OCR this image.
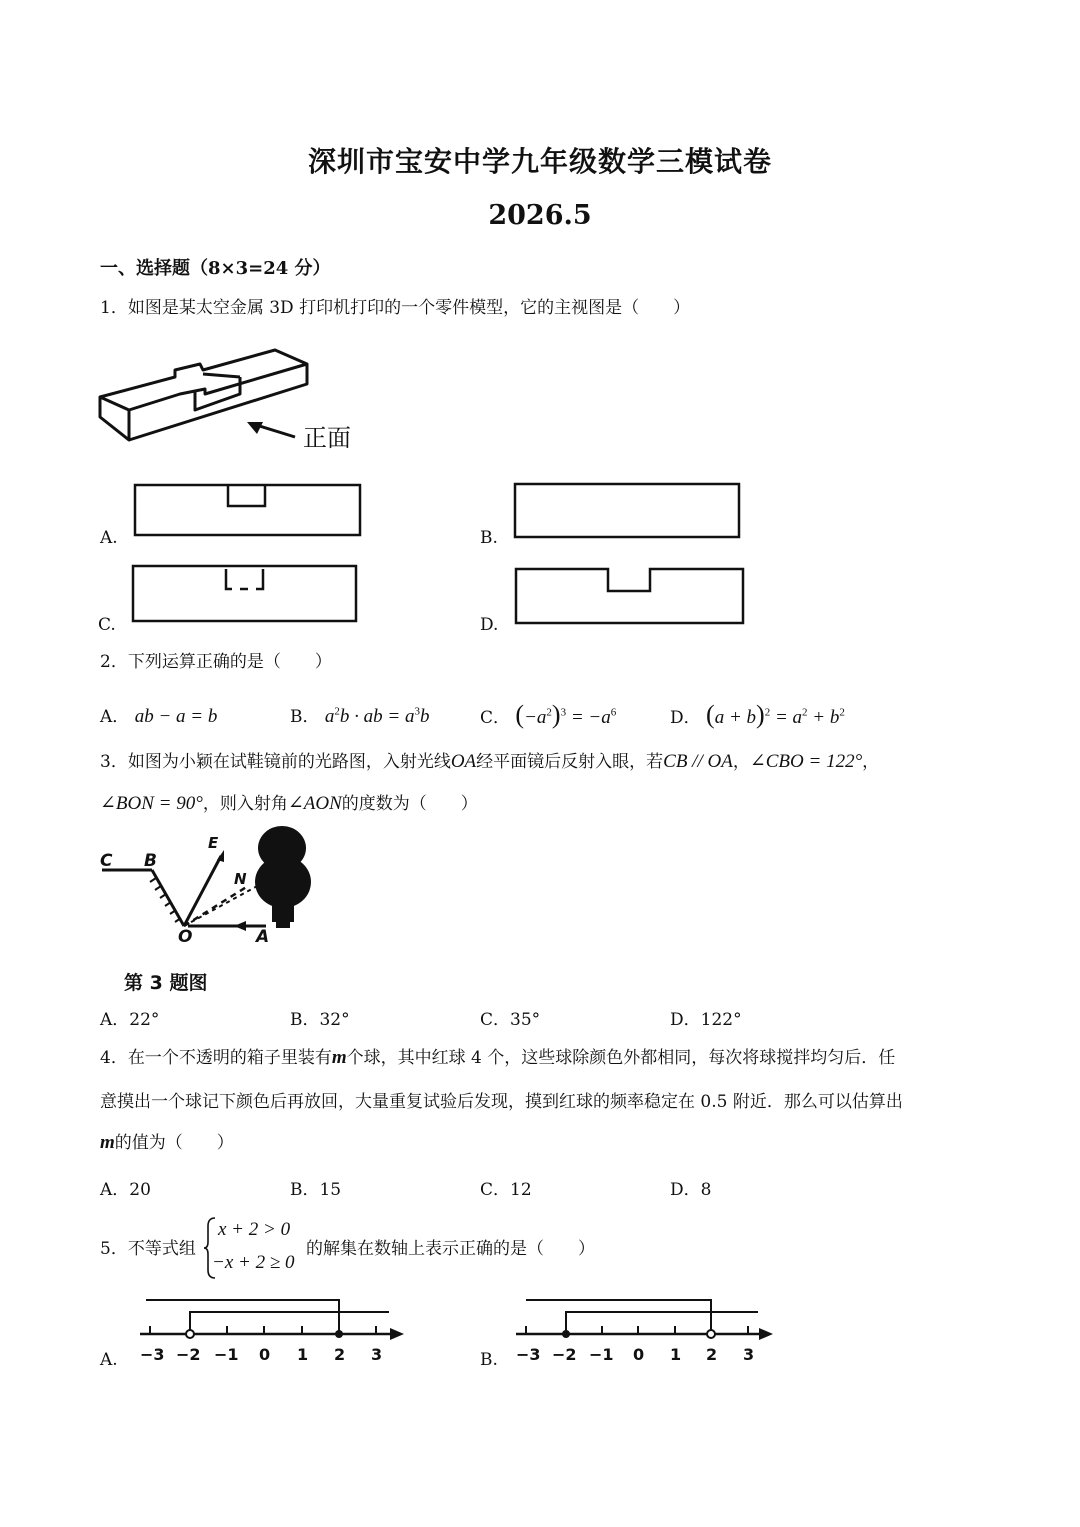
深圳市宝安中学九年级数学三模试卷
2026.5
一、选择题（8×3=24 分）
1．如图是某太空金属 3D 打印机打印的一个零件模型，它的主视图是（　　）
正面
A.	B.
C.	D.
2．下列运算正确的是（　　）
A． ab − a = b	B． $a^2b$ · ab = $a^3b$	C． $(-a^2)^3 = -a^6$	D． $(a + b)^2 = a^2 + b^2$
3．如图为小颖在试鞋镜前的光路图，入射光线OA经平面镜后反射入眼，若CB // OA，∠CBO = 122°，
∠BON = 90°，则入射角∠AON的度数为（　　）
C B
E
N
O	A
第 3 题图
A．22°	B．32°	C．35°	D．122°
4．在一个不透明的箱子里装有m个球，其中红球 4 个，这些球除颜色外都相同，每次将球搅拌均匀后．任
意摸出一个球记下颜色后再放回，大量重复试验后发现，摸到红球的频率稳定在 0.5 附近．那么可以估算出
m的值为（　　）
A．20	B．15	C．12	D．8
5．不等式组
x + 2 > 0
−x + 2 ≥ 0
的解集在数轴上表示正确的是（　　）
A. −3 −2 −1 0 1 2 3	B. −3 −2 −1 0 1 2 3
